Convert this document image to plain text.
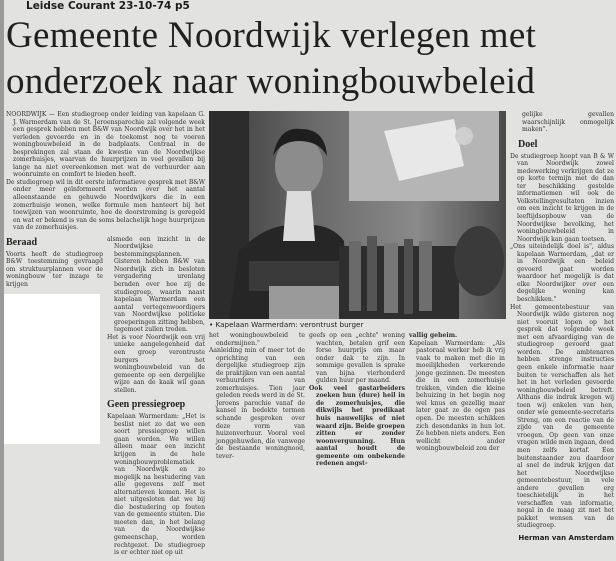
Leidse Courant 23-10-74 p5
Gemeente Noordwijk verlegen met
onderzoek naar woningbouwbeleid

NOORDWIJK — Een studiegroep onder leiding van kapelaan G. J. Warmerdam van de St. Jeroensparochie zal volgende week een gesprek hebben met B&W van Noordwijk over het in het verleden gevoerde en in de toekomst nog te voeren woningbouwbeleid in de badplaats. Centraal in de besprekingen zal staan de kwestie van de Noordwijkse zomerhuisjes, waarvan de huurprijzen in veel gevallen bij lange na niet overeenkomen met wat de verhuurder aan woonruimte en comfort te bieden heeft.

De studiegroep wil in dit eerste informatieve gesprek met B&W onder meer geïnformeerd worden over het aantal alleenstaande en gehuwde Noordwijkers die in een zomerhuisje wonen, welke formule men hanteert bij het toewijzen van woonruimte, hoe de doorstroming is geregeld en wat er bekend is van de soms belachelijk hoge huurprijzen van de zomerhuisjes.

Beraad

Voorts heeft de studiegroep B&W toestemming gevraagd om struktuurplannen voor de woningbouw ter inzage te krijgen

alsmede een inzicht in de Noordwijkse bestemmingsplannen. Gisteren hebben B&W van Noordwijk zich in besloten vergadering urenlang beraden over hoe zij de studiegroep, waarin naast kapelaan Warmerdam een aantal vertegenwoordigers van Noordwijkse politieke groeperingen zitting hebben, tegemoet zullen treden.

Het is voor Noordwijk een vrij unieke aangelegenheid dat een groep verontruste burgers het woningbouwbeleid van de gemeente op een dergelijke wijze aan de kaak wil gaan stellen.

Geen pressiegroep

Kapelaan Warmerdam: „Het is beslist niet zo dat we een soort pressiegroep willen gaan worden. We willen alleen maar een inzicht krijgen in de hele woningbouwproblematiek van Noordwijk en zo mogelijk na bestudering van alle gegevens zelf met alternatieven komen. Het is niet uitgesloten dat we bij die bestudering op fouten van de gemeente stuiten. Die moeten dan, in het belang van de Noordwijkse gemeenschap, worden rechtgezet. De studiegroep is er echter niet op uit

• Kapelaan Warmerdam: verontrust burger

het woningbouwbeleid te ondermijnen."

Aanleiding min of meer tot de oprichting van een dergelijke studiegroep zijn de praktijken van een aantal verhuurders van zomerhuisjes. Tien jaar geleden reeds werd in de St. Jeroens parochie vanaf de kansel in bedekte termen schande gesproken over deze vorm van huizenverhuur. Vooral veel jonggehuwden, die vanwege de bestaande woningnood, tever-

geefs op een „echte" woning wachten, betalen grif een forse huurprijs om maar onder dak te zijn. In sommige gevallen is sprake van bijna vierhonderd gulden huur per maand.

Ook veel gastarbeiders zoeken hun (dure) heil in de zomerhuisjes, die dikwijls het predikaat huis nauwelijks of niet waard zijn. Beide groepen zitten er zonder woonvergunning. Hun aantal houdt de gemeente om onbekende redenen angst-

vallig geheim.

Kapelaan Warmerdam: „Als pastoraal werker heb ik vrij vaak te maken met die in moeilijkheden verkerende jonge gezinnen. De meesten die in een zomerhuisje trekken, vinden die kleine behuizing in het begin nog wel knus en gezellig maar later gaat ze de ogen pas open. De meesten schikken zich desondanks in hun lot. Ze hebben niets anders. Een wellicht ander woningbouwbeleid zou der

gelijke gevallen waarschijnlijk onmogelijk maken".

Doel

De studiegroep hoopt van B & W van Noordwijk zowel medewerking verkrijgen dat ze op korte termijn met de dan ter beschikking gestelde informatiemen wil ook de Volkstellingresultaten inzien om een inzicht te krijgen in de leeftijdsopbouw van de Noordwijkse bevolking, het woningbouwbeleid in Noordwijk kan gaan toetsen.

„Ons uiteindelijk doel is", aldus kapelaan Warmerdam, „dat er in Noordwijk een beleid gevoerd gaat worden waardoor het mogelijk is dat elke Noordwijker over een degelijke woning kan beschikken."

Het gemeentebestuur van Noordwijk wilde gisteren nog niet vooruit lopen op het gesprek dat volgende week met een afvaardiging van de studiegroep gevoerd gaat worden. De ambtenaren hebben strenge instructies geen enkele informatie naar buiten te verschaffen als het het in het verleden gevoerde woningbouwbeleid betreft. Althans die indruk kregen wij toen wij enkelen van hen, onder wie gemeente-secretaris Streng, om een reactie van de zijde van de gemeente vroegen. Op geen van onze vragen wilde men ingaan, deed men zelfs kortaf. Een buitenstaander zou daardoor al snel de indruk krijgen dat het Noordwijkse gemeentebestuur, in vele andere gevallen erg toeschietelijk in het verschaffen van informatie, nogal in de maag zit met het pakket wensen van de studiegroep.

Herman van Amsterdam
